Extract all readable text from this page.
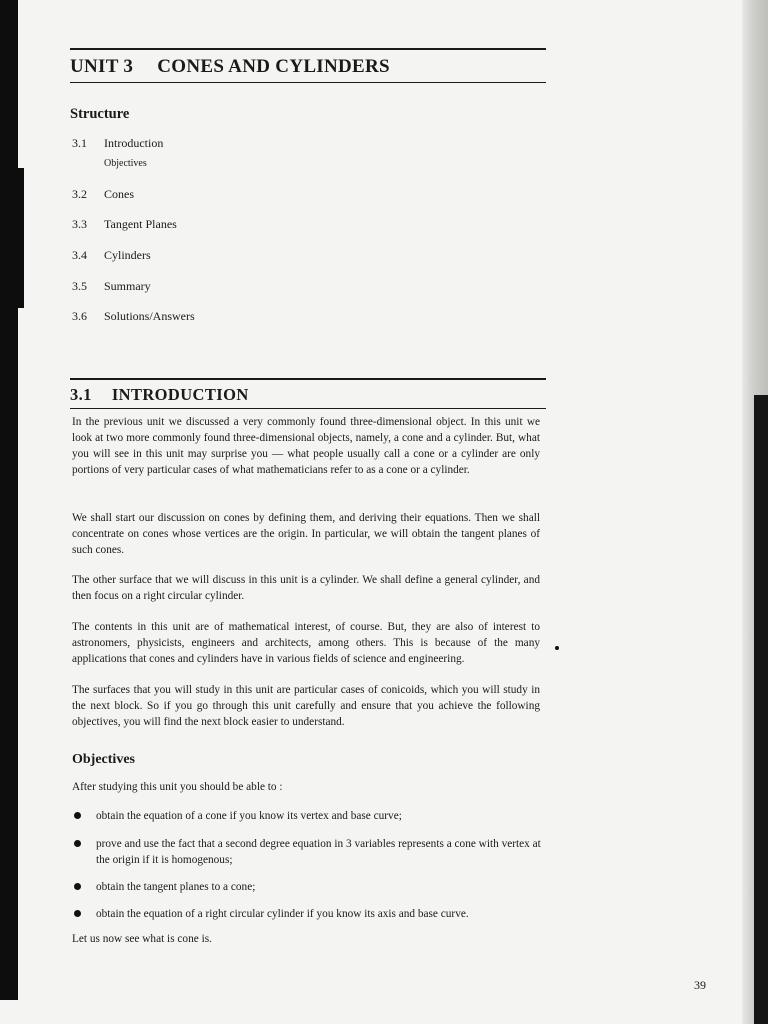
UNIT 3 CONES AND CYLINDERS
Structure
3.1 Introduction
Objectives
3.2 Cones
3.3 Tangent Planes
3.4 Cylinders
3.5 Summary
3.6 Solutions/Answers
3.1 INTRODUCTION

In the previous unit we discussed a very commonly found three-dimensional object. In this unit we look at two more commonly found three-dimensional objects, namely, a cone and a cylinder. But, what you will see in this unit may surprise you — what people usually call a cone or a cylinder are only portions of very particular cases of what mathematicians refer to as a cone or a cylinder.

We shall start our discussion on cones by defining them, and deriving their equations. Then we shall concentrate on cones whose vertices are the origin. In particular, we will obtain the tangent planes of such cones.

The other surface that we will discuss in this unit is a cylinder. We shall define a general cylinder, and then focus on a right circular cylinder.

The contents in this unit are of mathematical interest, of course. But, they are also of interest to astronomers, physicists, engineers and architects, among others. This is because of the many applications that cones and cylinders have in various fields of science and engineering.

The surfaces that you will study in this unit are particular cases of conicoids, which you will study in the next block. So if you go through this unit carefully and ensure that you achieve the following objectives, you will find the next block easier to understand.

Objectives
After studying this unit you should be able to :
obtain the equation of a cone if you know its vertex and base curve;
prove and use the fact that a second degree equation in 3 variables represents a cone with vertex at the origin if it is homogenous;
obtain the tangent planes to a cone;
obtain the equation of a right circular cylinder if you know its axis and base curve.
Let us now see what is cone is.
39
